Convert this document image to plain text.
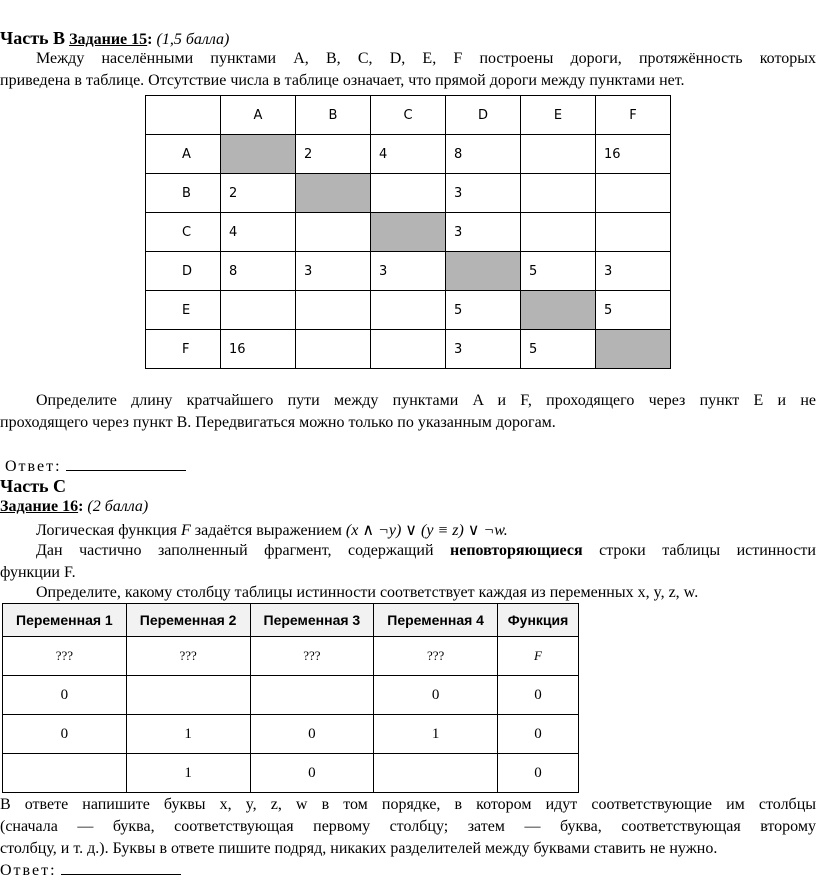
Часть B Задание 15: (1,5 балла)
Между населёнными пунктами A, B, C, D, E, F построены дороги, протяжённость которых
приведена в таблице. Отсутствие числа в таблице означает, что прямой дороги между пунктами нет.
	A	B	C	D	E	F
A		2	4	8		16
B	2			3		
C	4			3		
D	8	3	3		5	3
E				5		5
F	16			3	5	
Определите длину кратчайшего пути между пунктами A и F, проходящего через пункт E и не
проходящего через пункт B. Передвигаться можно только по указанным дорогам.
Ответ:
Часть C
Задание 16: (2 балла)
Логическая функция F задаётся выражением (x ∧ ¬y) ∨ (y ≡ z) ∨ ¬w.
Дан частично заполненный фрагмент, содержащий неповторяющиеся строки таблицы истинности
функции F.
Определите, какому столбцу таблицы истинности соответствует каждая из переменных x, y, z, w.
Переменная 1	Переменная 2	Переменная 3	Переменная 4	Функция
???	???	???	???	F
0			0	0
0	1	0	1	0
	1	0		0
В ответе напишите буквы x, y, z, w в том порядке, в котором идут соответствующие им столбцы
(сначала — буква, соответствующая первому столбцу; затем — буква, соответствующая второму
столбцу, и т. д.). Буквы в ответе пишите подряд, никаких разделителей между буквами ставить не нужно.
Ответ:
